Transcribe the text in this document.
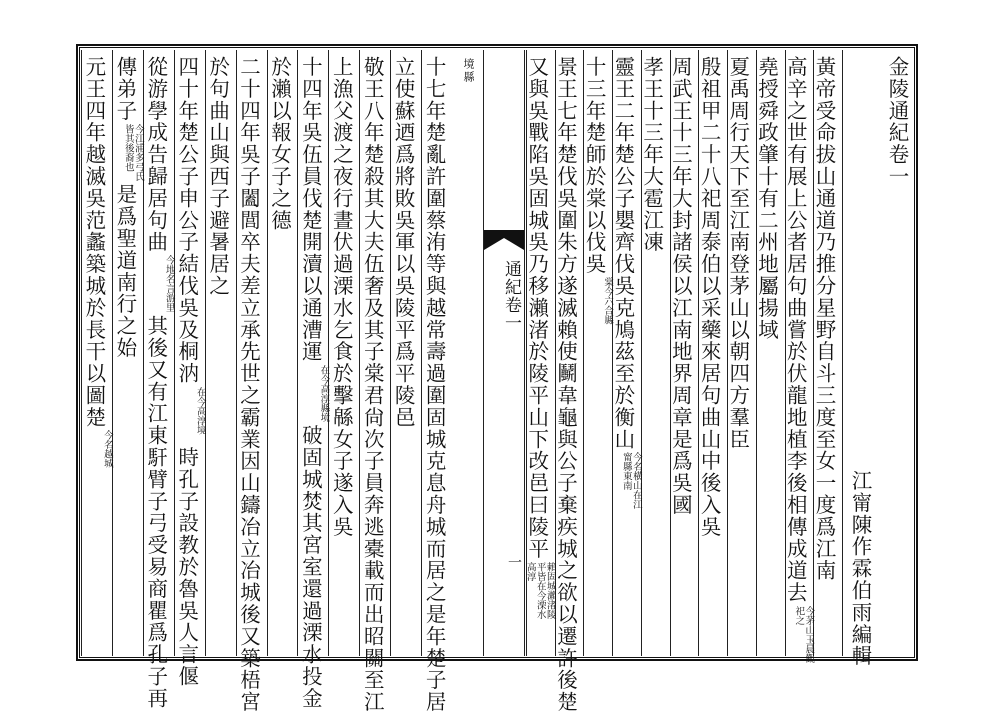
通紀卷一
一
金陵通紀卷一
江甯陳作霖伯雨編輯
黃帝受命拔山通道乃推分星野自斗三度至女一度爲江南
高辛之世有展上公者居句曲嘗於伏龍地植李後相傳成道去今茅山玉晨觀祀之
堯授舜政肇十有二州地屬揚域
夏禹周行天下至江南登茅山以朝四方羣臣
殷祖甲二十八祀周泰伯以采藥來居句曲山中後入吳
周武王十三年大封諸侯以江南地界周章是爲吳國
孝王十三年大雹江凍
靈王二年楚公子嬰齊伐吳克鳩茲至於衡山今名橫山在江甯縣東南
十三年楚師於棠以伐吳棠今六合縣
景王七年楚伐吳圍朱方遂滅賴使鬭韋龜與公子棄疾城之欲以遷許後楚
又與吳戰陷吳固城吳乃移瀨渚於陵平山下改邑曰陵平賴固城瀨渚陵平皆在今溧水高淳
境縣
十七年楚亂許圍蔡洧等與越常壽過圍固城克息舟城而居之是年楚子居
立使蘇迺爲將敗吳軍以吳陵平爲平陵邑
敬王八年楚殺其大夫伍奢及其子棠君尙次子員奔逃橐載而出昭關至江
上漁父渡之夜行晝伏過溧水乞食於擊緜女子遂入吳
十四年吳伍員伐楚開瀆以通漕運在今高淳縣境破固城焚其宮室還過溧水投金
於瀨以報女子之德
二十四年吳子闔閭卒夫差立承先世之霸業因山鑄冶立冶城後又築梧宮
於句曲山與西子避暑居之
四十年楚公子申公子結伐吳及桐汭在今高淳境時孔子設教於魯吳人言偃
從游學成告歸居句曲今地名言游里其後又有江東馯臂子弓受易商瞿爲孔子再
傳弟子今江浦多弓氏皆其後裔也是爲聖道南行之始
元王四年越滅吳范蠡築城於長干以圖楚今名越城
